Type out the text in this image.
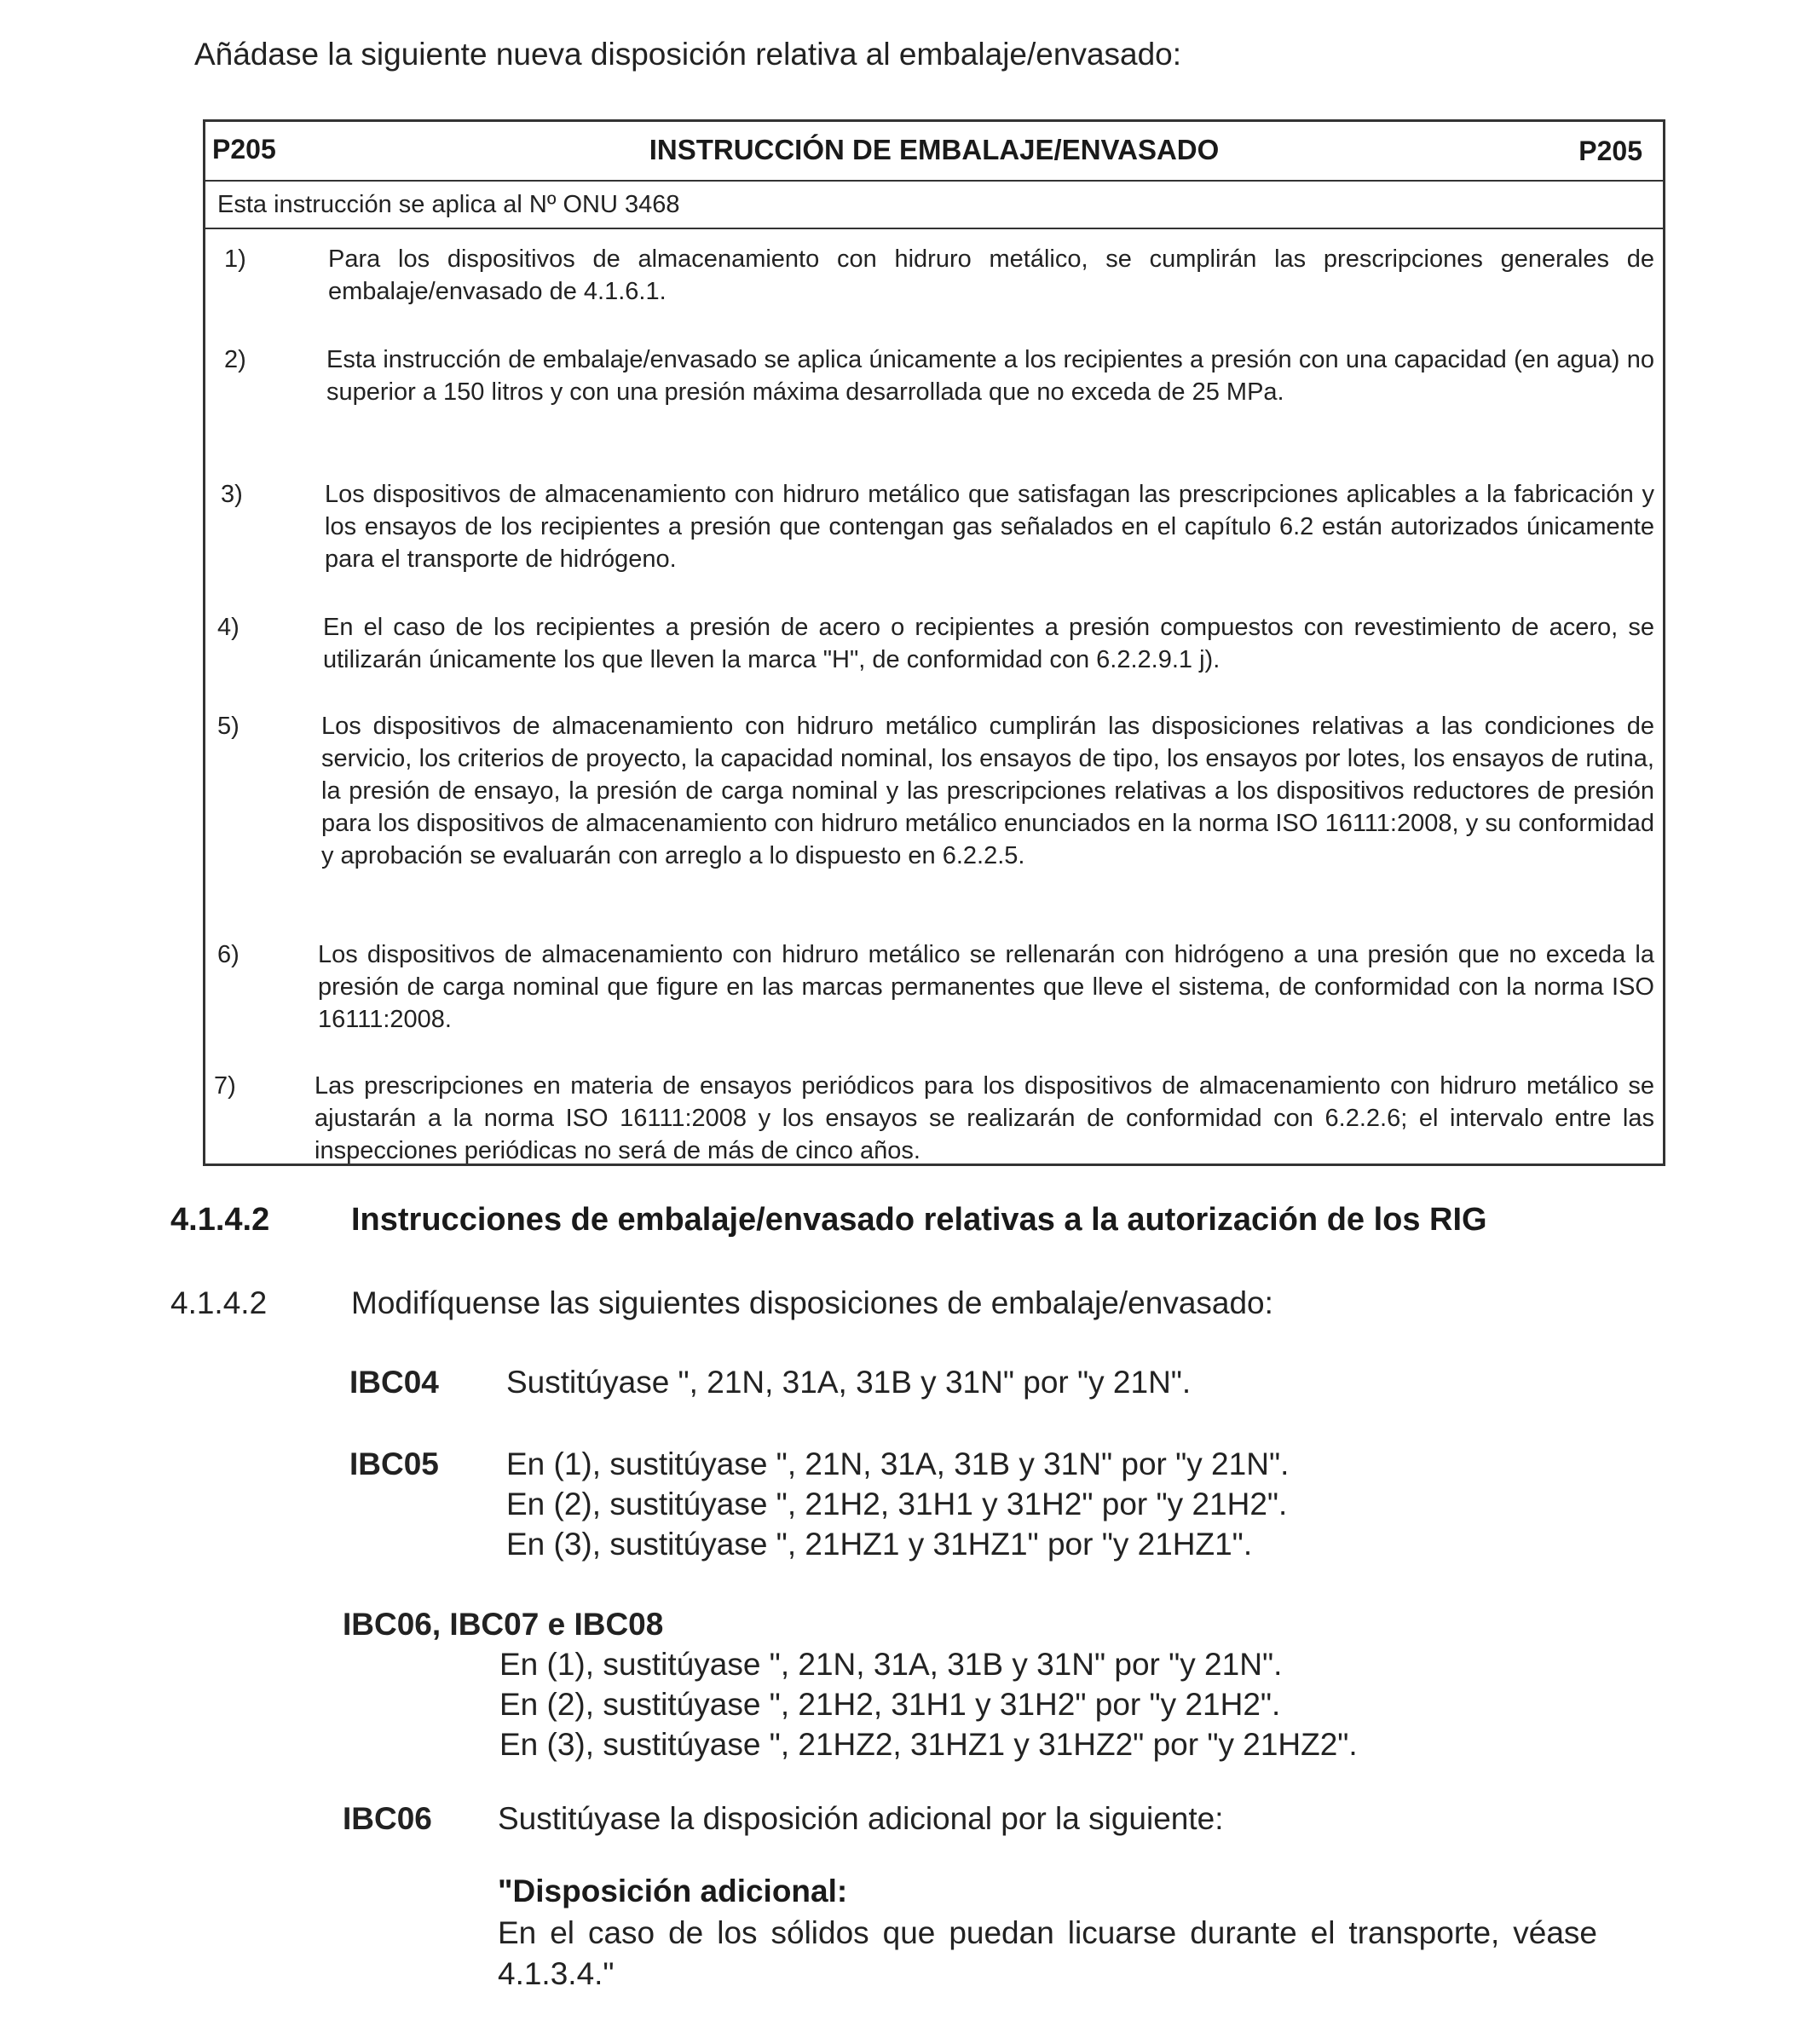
Añádase la siguiente nueva disposición relativa al embalaje/envasado:

P205	INSTRUCCIÓN DE EMBALAJE/ENVASADO	P205
Esta instrucción se aplica al Nº ONU 3468
1)	Para los dispositivos de almacenamiento con hidruro metálico, se cumplirán las prescripciones generales de embalaje/envasado de 4.1.6.1.
2)	Esta instrucción de embalaje/envasado se aplica únicamente a los recipientes a presión con una capacidad (en agua) no superior a 150 litros y con una presión máxima desarrollada que no exceda de 25 MPa.
3)	Los dispositivos de almacenamiento con hidruro metálico que satisfagan las prescripciones aplicables a la fabricación y los ensayos de los recipientes a presión que contengan gas señalados en el capítulo 6.2 están autorizados únicamente para el transporte de hidrógeno.
4)	En el caso de los recipientes a presión de acero o recipientes a presión compuestos con revestimiento de acero, se utilizarán únicamente los que lleven la marca "H", de conformidad con 6.2.2.9.1 j).
5)	Los dispositivos de almacenamiento con hidruro metálico cumplirán las disposiciones relativas a las condiciones de servicio, los criterios de proyecto, la capacidad nominal, los ensayos de tipo, los ensayos por lotes, los ensayos de rutina, la presión de ensayo, la presión de carga nominal y las prescripciones relativas a los dispositivos reductores de presión para los dispositivos de almacenamiento con hidruro metálico enunciados en la norma ISO 16111:2008, y su conformidad y aprobación se evaluarán con arreglo a lo dispuesto en 6.2.2.5.
6)	Los dispositivos de almacenamiento con hidruro metálico se rellenarán con hidrógeno a una presión que no exceda la presión de carga nominal que figure en las marcas permanentes que lleve el sistema, de conformidad con la norma ISO 16111:2008.
7)	Las prescripciones en materia de ensayos periódicos para los dispositivos de almacenamiento con hidruro metálico se ajustarán a la norma ISO 16111:2008 y los ensayos se realizarán de conformidad con 6.2.2.6; el intervalo entre las inspecciones periódicas no será de más de cinco años.
4.1.4.2	Instrucciones de embalaje/envasado relativas a la autorización de los RIG
4.1.4.2	Modifíquense las siguientes disposiciones de embalaje/envasado:
IBC04 Sustitúyase ", 21N, 31A, 31B y 31N" por "y 21N".
IBC05 En (1), sustitúyase ", 21N, 31A, 31B y 31N" por "y 21N".
En (2), sustitúyase ", 21H2, 31H1 y 31H2" por "y 21H2".
En (3), sustitúyase ", 21HZ1 y 31HZ1" por "y 21HZ1".
IBC06, IBC07 e IBC08
En (1), sustitúyase ", 21N, 31A, 31B y 31N" por "y 21N".
En (2), sustitúyase ", 21H2, 31H1 y 31H2" por "y 21H2".
En (3), sustitúyase ", 21HZ2, 31HZ1 y 31HZ2" por "y 21HZ2".
IBC06 Sustitúyase la disposición adicional por la siguiente:
"Disposición adicional:
En el caso de los sólidos que puedan licuarse durante el transporte, véase 4.1.3.4."
